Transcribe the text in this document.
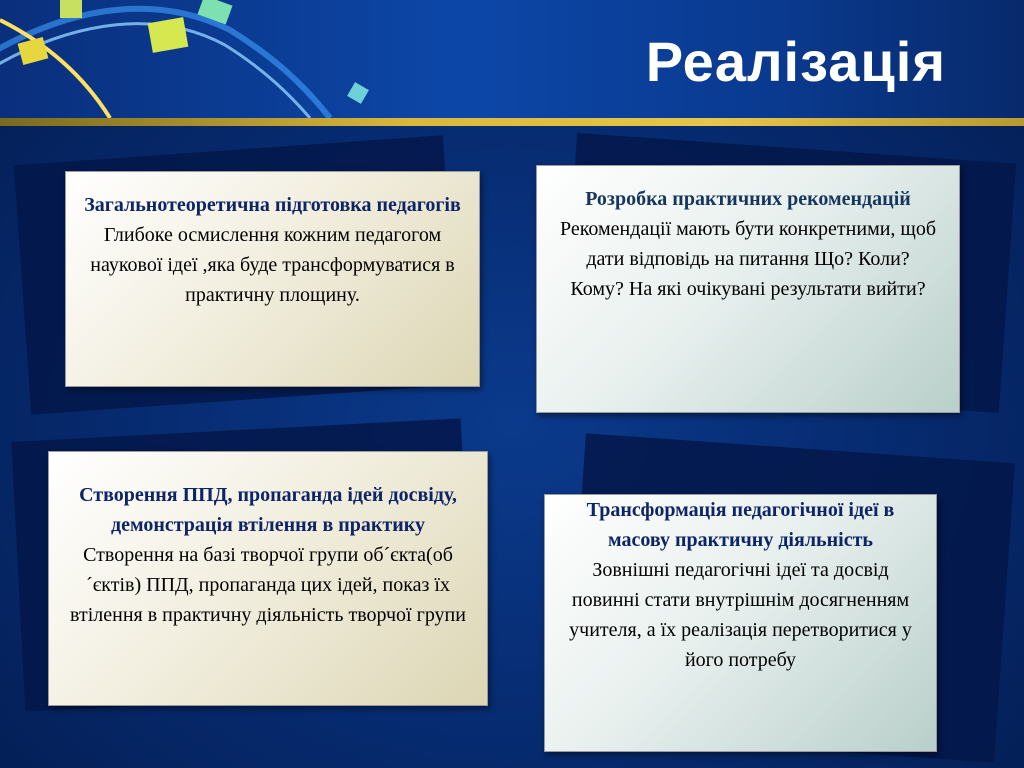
Реалізація
Загальнотеоретична підготовка педагогів
Глибоке осмислення кожним педагогом наукової ідеї ,яка буде трансформуватися в практичну площину.
Розробка практичних рекомендацій
Рекомендації мають бути конкретними, щоб дати відповідь на питання Що? Коли? Кому? На які очікувані результати вийти?
Створення ППД, пропаганда ідей досвіду, демонстрація втілення в практику
Створення на базі творчої групи об´єкта(об´єктів) ППД, пропаганда цих ідей, показ їх втілення в практичну діяльність творчої групи
Трансформація педагогічної ідеї в масову практичну діяльність
Зовнішні педагогічні ідеї та досвід повинні стати внутрішнім досягненням учителя, а їх реалізація перетворитися у його потребу
